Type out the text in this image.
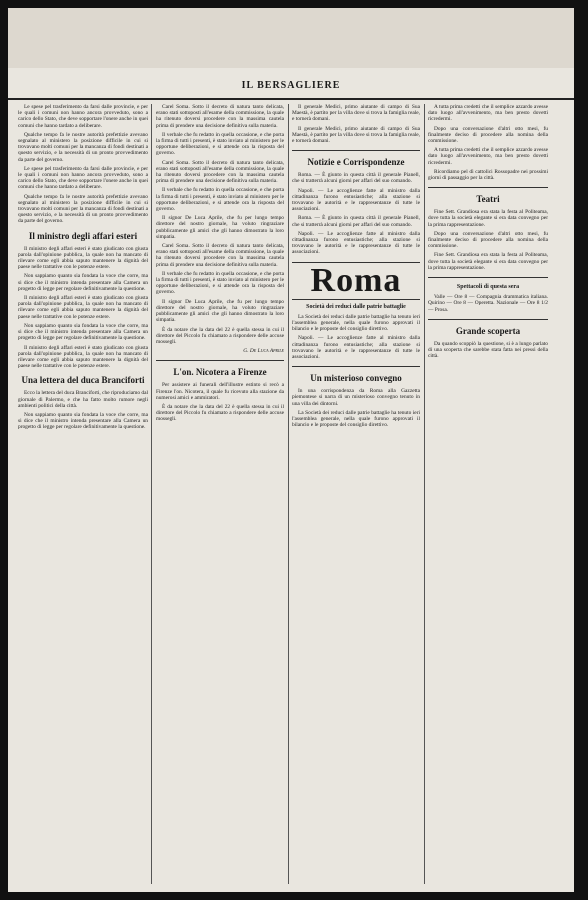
IL BERSAGLIERE

Le spese pel trasferimento da farsi dalle provincie, e per le quali i comuni non hanno ancora provveduto, sono a carico dello Stato, che deve sopportare l'onere anche in quei comuni che hanno tardato a deliberare.

Qualche tempo fa le nostre autorità prefettizie avevano segnalato al ministero la posizione difficile in cui si trovavano molti comuni per la mancanza di fondi destinati a questo servizio, e la necessità di un pronto provvedimento da parte del governo.

Le spese pel trasferimento da farsi dalle provincie, e per le quali i comuni non hanno ancora provveduto, sono a carico dello Stato, che deve sopportare l'onere anche in quei comuni che hanno tardato a deliberare.

Qualche tempo fa le nostre autorità prefettizie avevano segnalato al ministero la posizione difficile in cui si trovavano molti comuni per la mancanza di fondi destinati a questo servizio, e la necessità di un pronto provvedimento da parte del governo.

Il ministro degli affari esteri

Il ministro degli affari esteri è stato giudicato con giusta parola dall'opinione pubblica, la quale non ha mancato di rilevare come egli abbia saputo mantenere la dignità del paese nelle trattative con le potenze estere.

Non sappiamo quanto sia fondata la voce che corre, ma si dice che il ministro intenda presentare alla Camera un progetto di legge per regolare definitivamente la questione.

Il ministro degli affari esteri è stato giudicato con giusta parola dall'opinione pubblica, la quale non ha mancato di rilevare come egli abbia saputo mantenere la dignità del paese nelle trattative con le potenze estere.

Non sappiamo quanto sia fondata la voce che corre, ma si dice che il ministro intenda presentare alla Camera un progetto di legge per regolare definitivamente la questione.

Il ministro degli affari esteri è stato giudicato con giusta parola dall'opinione pubblica, la quale non ha mancato di rilevare come egli abbia saputo mantenere la dignità del paese nelle trattative con le potenze estere.

Una lettera del duca Branciforti

Ecco la lettera del duca Branciforti, che riproduciamo dal giornale di Palermo, e che ha fatto molto rumore negli ambienti politici della città.

Non sappiamo quanto sia fondata la voce che corre, ma si dice che il ministro intenda presentare alla Camera un progetto di legge per regolare definitivamente la questione.

Carel Soma. Sotto il decreto di natura tanto delicata, erano stati sottoposti all'esame della commissione, la quale ha ritenuto doversi procedere con la massima cautela prima di prendere una decisione definitiva sulla materia.

Il verbale che fu redatto in quella occasione, e che porta la firma di tutti i presenti, è stato inviato al ministero per le opportune deliberazioni, e si attende ora la risposta del governo.

Carel Soma. Sotto il decreto di natura tanto delicata, erano stati sottoposti all'esame della commissione, la quale ha ritenuto doversi procedere con la massima cautela prima di prendere una decisione definitiva sulla materia.

Il verbale che fu redatto in quella occasione, e che porta la firma di tutti i presenti, è stato inviato al ministero per le opportune deliberazioni, e si attende ora la risposta del governo.

Il signor De Luca Aprile, che fu per lungo tempo direttore del nostro giornale, ha voluto ringraziare pubblicamente gli amici che gli hanno dimostrato la loro simpatia.

Carel Soma. Sotto il decreto di natura tanto delicata, erano stati sottoposti all'esame della commissione, la quale ha ritenuto doversi procedere con la massima cautela prima di prendere una decisione definitiva sulla materia.

Il verbale che fu redatto in quella occasione, e che porta la firma di tutti i presenti, è stato inviato al ministero per le opportune deliberazioni, e si attende ora la risposta del governo.

Il signor De Luca Aprile, che fu per lungo tempo direttore del nostro giornale, ha voluto ringraziare pubblicamente gli amici che gli hanno dimostrato la loro simpatia.

È da notare che la data del 22 è quella stessa in cui il direttore del Piccolo fu chiamato a rispondere delle accuse mossegli.

G. De Luca Aprile
L'on. Nicotera a Firenze

Per assistere ai funerali dell'illustre estinto si recò a Firenze l'on. Nicotera, il quale fu ricevuto alla stazione da numerosi amici e ammiratori.

È da notare che la data del 22 è quella stessa in cui il direttore del Piccolo fu chiamato a rispondere delle accuse mossegli.

Il generale Medici, primo aiutante di campo di Sua Maestà, è partito per la villa dove si trova la famiglia reale, e tornerà domani.

Il generale Medici, primo aiutante di campo di Sua Maestà, è partito per la villa dove si trova la famiglia reale, e tornerà domani.

Notizie e Corrispondenze

Roma. — È giunto in questa città il generale Pianell, che si tratterrà alcuni giorni per affari del suo comando.

Napoli. — Le accoglienze fatte al ministro dalla cittadinanza furono entusiastiche; alla stazione si trovavano le autorità e le rappresentanze di tutte le associazioni.

Roma. — È giunto in questa città il generale Pianell, che si tratterrà alcuni giorni per affari del suo comando.

Napoli. — Le accoglienze fatte al ministro dalla cittadinanza furono entusiastiche; alla stazione si trovavano le autorità e le rappresentanze di tutte le associazioni.

Roma
Società dei reduci dalle patrie battaglie

La Società dei reduci dalle patrie battaglie ha tenuto ieri l'assemblea generale, nella quale furono approvati il bilancio e le proposte del consiglio direttivo.

Napoli. — Le accoglienze fatte al ministro dalla cittadinanza furono entusiastiche; alla stazione si trovavano le autorità e le rappresentanze di tutte le associazioni.

Un misterioso convegno

In una corrispondenza da Roma alla Gazzetta piemontese si narra di un misterioso convegno tenuto in una villa dei dintorni.

La Società dei reduci dalle patrie battaglie ha tenuto ieri l'assemblea generale, nella quale furono approvati il bilancio e le proposte del consiglio direttivo.

A tutta prima credetti che il semplice azzardo avesse dato luogo all'avvenimento, ma ben presto dovetti ricredermi.

Dopo una conversazione d'altri otto mesi, fu finalmente deciso di procedere alla nomina della commissione.

A tutta prima credetti che il semplice azzardo avesse dato luogo all'avvenimento, ma ben presto dovetti ricredermi.

Ricordiamo pel dì cattolici Rossopadre nei prossimi giorni di passaggio per la città.

Teatri

Fine Sett. Grandiosa era stata la festa al Politeama, dove tutta la società elegante si era data convegno per la prima rappresentazione.

Dopo una conversazione d'altri otto mesi, fu finalmente deciso di procedere alla nomina della commissione.

Fine Sett. Grandiosa era stata la festa al Politeama, dove tutta la società elegante si era data convegno per la prima rappresentazione.

Spettacoli di questa sera

Valle — Ore 8 — Compagnia drammatica italiana. Quirino — Ore 8 — Operetta. Nazionale — Ore 8 1/2 — Prosa.

Grande scoperta

Da quando scoppiò la questione, si è a lungo parlato di una scoperta che sarebbe stata fatta nei pressi della città.
